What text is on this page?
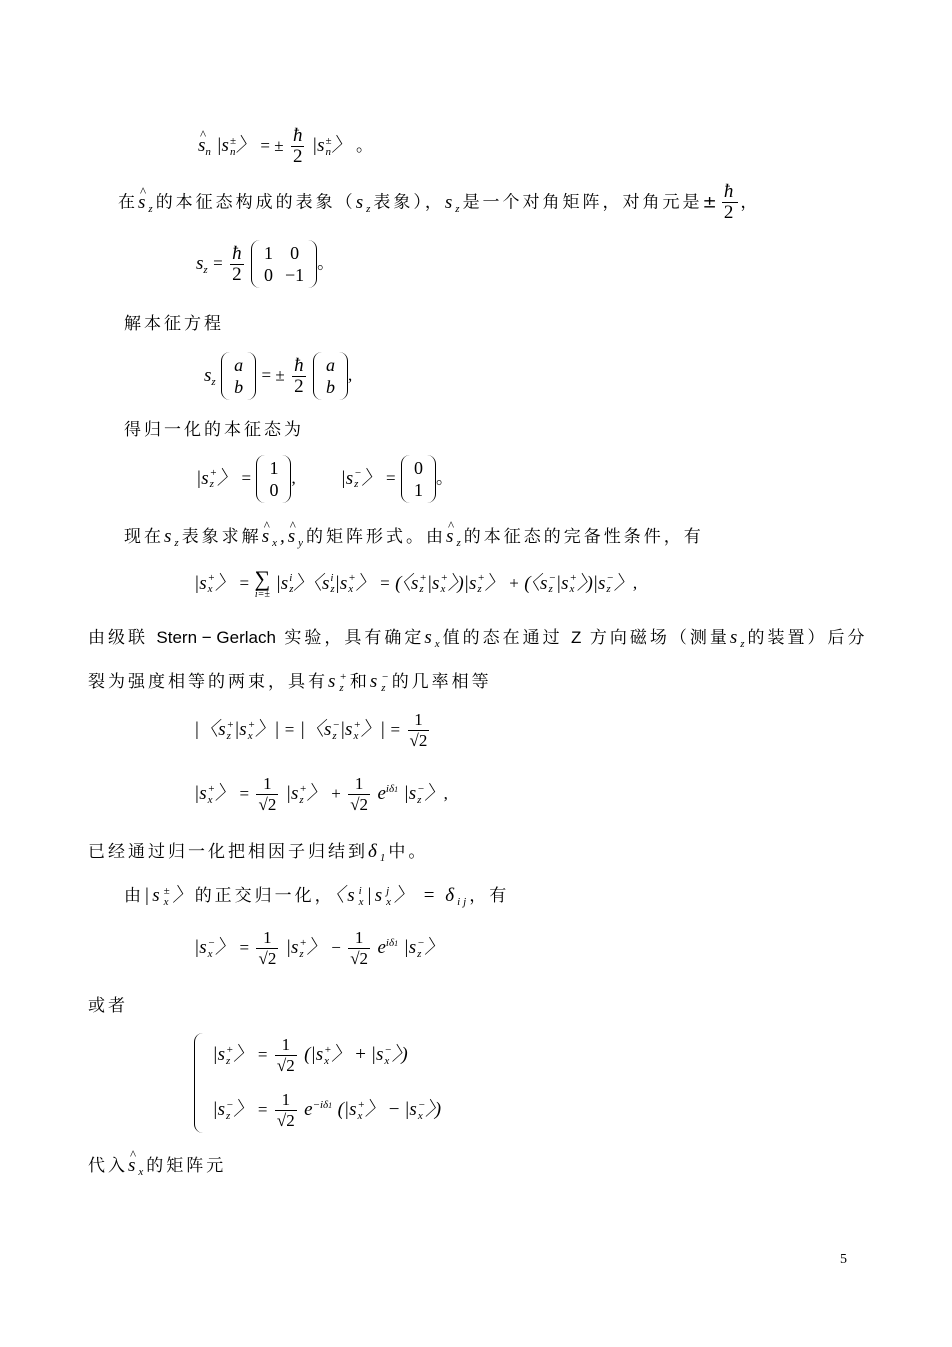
^ $s_n$ |s ±
n 〉 = ± $\frac{ħ}{2} |s$ ±
n 〉 。
在^ $s_z$的本征态构成的表象（$s_z$表象），$s_z$是一个对角矩阵，对角元是± $\frac{ħ}{2}$ ，
$s_z = \frac{ħ}{2}$
1	0
0	−1
。
解本征方程
$s_z$
a
b
= ± $\frac{ħ}{2}$
a
b
,
得归一化的本征态为
|s +
z 〉 = 1
0
, |s −
z 〉 = 0
1
。
现在$s_z$表象求解^ $s_x,\^{}$ $s_y$的矩阵形式。由^ $s_z$的本征态的完备性条件，有
|s +
x 〉 = ∑
i=±
|s i
z 〉〈s i
z |s +
x 〉 = (〈s +
z |s +
x 〉)|s +
z 〉 + (〈s −
z |s +
x 〉)|s −
z 〉,
由级联 Stern − Gerlach 实验，具有确定$s_x$值的态在通过 Z 方向磁场（测量$s_z$的装置）后分
裂为强度相等的两束，具有s +
z 和s −
z 的几率相等
|〈s +
z |s +
x 〉| = |〈s −
z |s +
x 〉| = $\frac{1}{√2}$
|s +
x 〉 = $\frac{1}{√2} |s$ +
z 〉 + $\frac{1}{√2} e^{i\delta 1}$ |s −
z 〉,
已经通过归一化把相因子归结到$\delta_1$中。
由|s ±
x 〉的正交归一化，〈s i
x |s j
x 〉 = $\delta_{ij}$，有
|s −
x 〉 = $\frac{1}{√2} |s$ +
z 〉 − $\frac{1}{√2} e^{i\delta 1}$ |s −
z 〉
或者

|s +
z 〉 = $\frac{1}{√2} (|s$ +
x 〉 + |s −
x 〉)
|s −
z 〉 = $\frac{1}{√2} e^{-i\delta 1}$ (|s +
x 〉 − |s −
x 〉)
代入^ $s_x$的矩阵元
5
